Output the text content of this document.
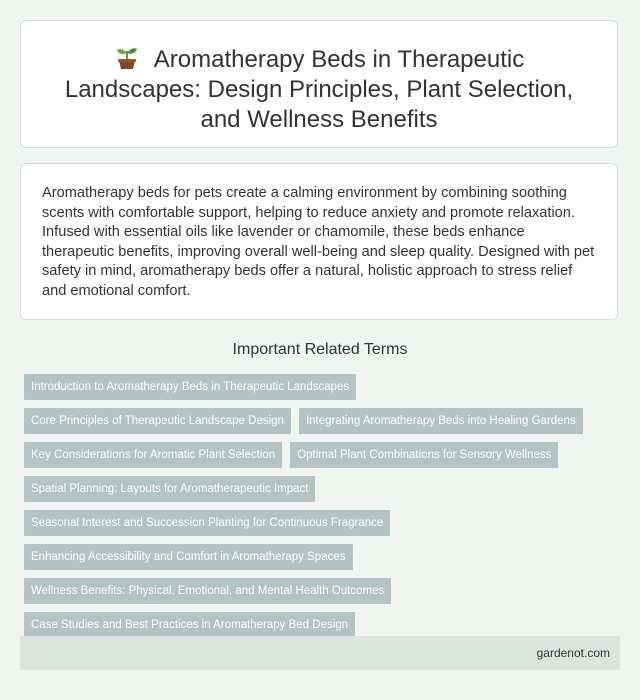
Aromatherapy Beds in Therapeutic Landscapes: Design Principles, Plant Selection, and Wellness Benefits

Aromatherapy beds for pets create a calming environment by combining soothing scents with comfortable support, helping to reduce anxiety and promote relaxation. Infused with essential oils like lavender or chamomile, these beds enhance therapeutic benefits, improving overall well-being and sleep quality. Designed with pet safety in mind, aromatherapy beds offer a natural, holistic approach to stress relief and emotional comfort.

Important Related Terms
Introduction to Aromatherapy Beds in Therapeutic Landscapes
Core Principles of Therapeutic Landscape Design	Integrating Aromatherapy Beds into Healing Gardens
Key Considerations for Aromatic Plant Selection	Optimal Plant Combinations for Sensory Wellness
Spatial Planning: Layouts for Aromatherapeutic Impact
Seasonal Interest and Succession Planting for Continuous Fragrance
Enhancing Accessibility and Comfort in Aromatherapy Spaces
Wellness Benefits: Physical, Emotional, and Mental Health Outcomes
Case Studies and Best Practices in Aromatherapy Bed Design
gardenot.com
